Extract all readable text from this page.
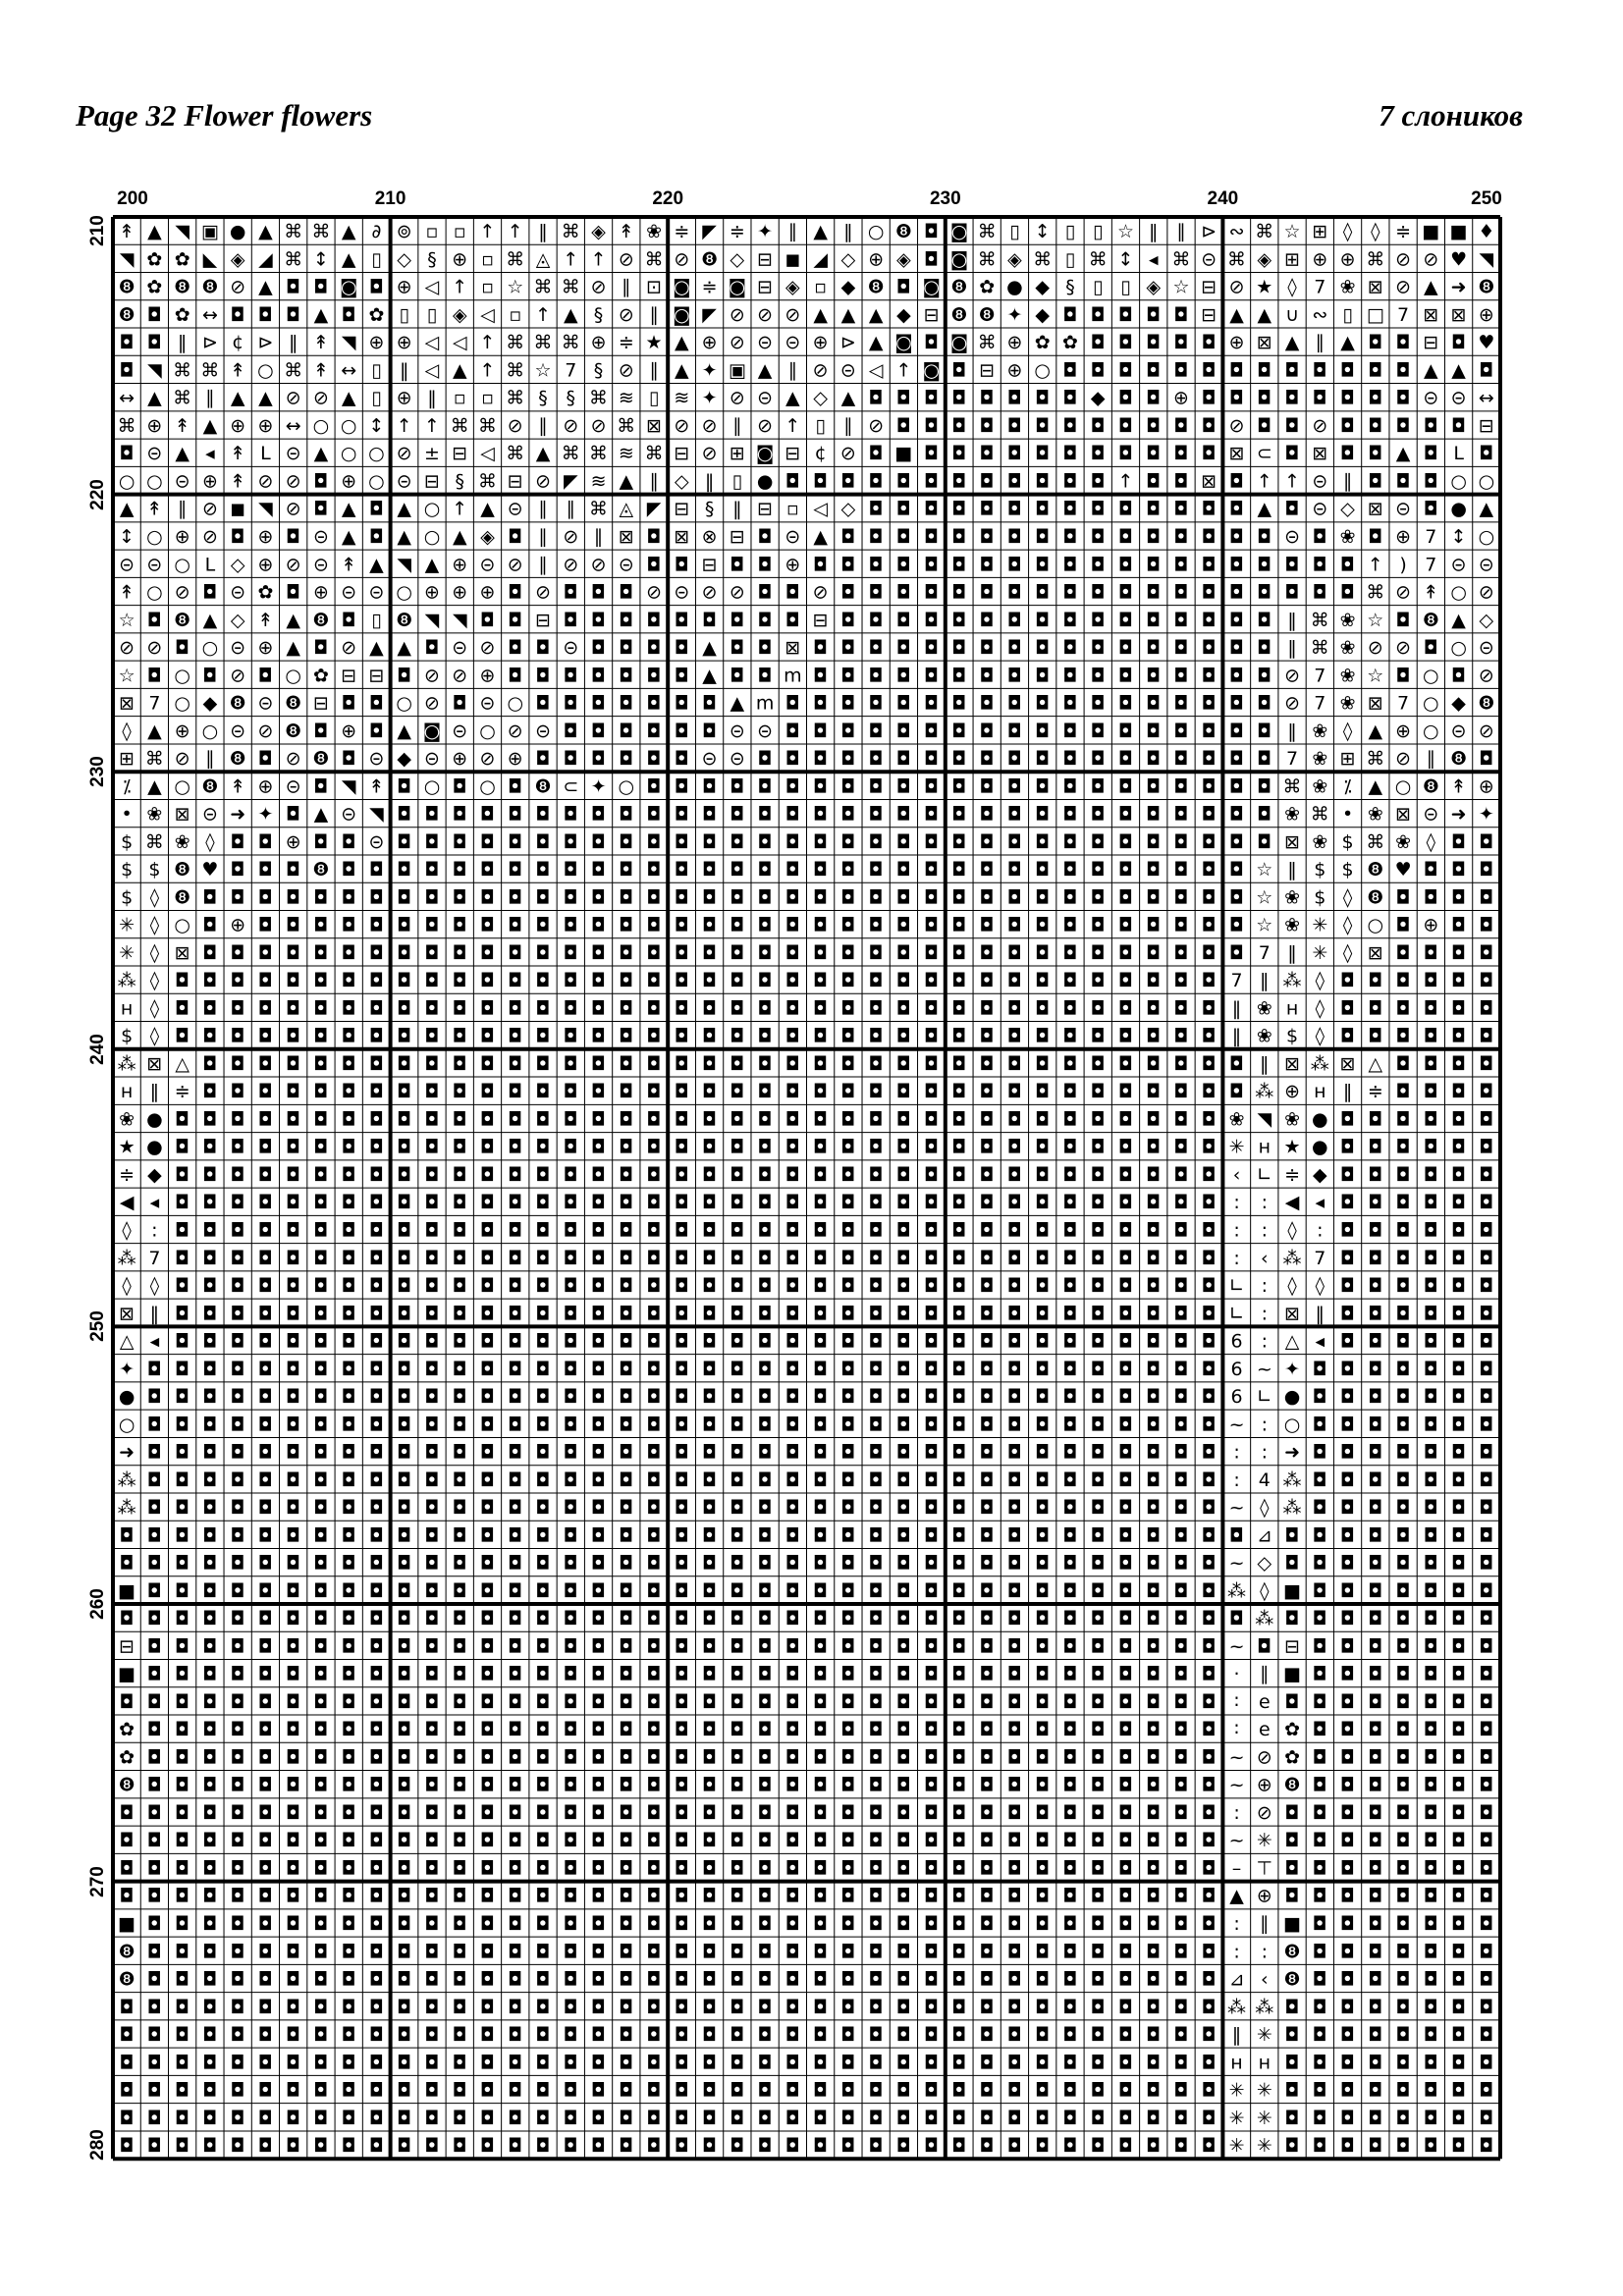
Page 32 Flower flowers	7 слоников
200	210	220	230	240	250
210
220
230
240
250
260
270
280
↟ ▲ ◥ ▣ ● ▲ ⌘ ⌘ ▲ ∂ ⊚ ▫ ▫ ↑ ↑ ‖ ⌘ ◈ ↟ ❀ ≑ ◤ ≑ ✦ ∥ ▲ ‖ ○ ❽ ◘ ◙ ⌘ ▯ ↕ ▯ ▯ ☆ ‖ ∥ ⊳ ∾ ⌘ ☆ ⊞ ◊ ◊ ≑ ■ ■ ♦
◥ ✿ ✿ ◣ ◈ ◢ ⌘ ↕ ▲ ▯ ◇ § ⊕ ▫ ⌘ ◬ ↑ ↑ ⊘ ⌘ ⊘ ❽ ◇ ⊟ ◼ ◢ ◇ ⊕ ◈ ◘ ◙ ⌘ ◈ ⌘ ▯ ⌘ ↕ ◂ ⌘ ⊝ ⌘ ◈ ⊞ ⊕ ⊕ ⌘ ⊘ ⊘ ♥ ◥
❽ ✿ ❽ ❽ ⊘ ▲ ◘ ◘ ◙ ◘ ⊕ ◁ ↑ ▫ ☆ ⌘ ⌘ ⊘ ∥ ⊡ ◙ ≑ ◙ ⊟ ◈ ▫ ◆ ❽ ◘ ◙ ❽ ✿ ● ◆ § ▯ ▯ ◈ ☆ ⊟ ⊘ ★ ◊ 7 ❀ ⊠ ⊘ ▲ ➜ ❽
❽ ◘ ✿ ↔ ◘ ◘ ◘ ▲ ◘ ✿ ▯ ▯ ◈ ◁ ▫ ↑ ▲ § ⊘ ∥ ◙ ◤ ⊘ ⊘ ⊘ ▲ ▲ ▲ ◆ ⊟ ❽ ❽ ✦ ◆ ◘ ◘ ◘ ◘ ◘ ⊟ ▲ ▲ ∪ ∾ ▯ □ 7 ⊠ ⊠ ⊕
◘ ◘ ‖ ⊳ ¢ ⊳ ‖ ↟ ◥ ⊕ ⊕ ◁ ◁ ↑ ⌘ ⌘ ⌘ ⊕ ≑ ★ ▲ ⊕ ⊘ ⊝ ⊝ ⊕ ⊳ ▲ ◙ ◘ ◙ ⌘ ⊕ ✿ ✿ ◘ ◘ ◘ ◘ ◘ ⊕ ⊠ ▲ ∥ ▲ ◘ ◘ ⊟ ◘ ♥
◘ ◥ ⌘ ⌘ ↟ ○ ⌘ ↟ ↔ ▯ ‖ ◁ ▲ ↑ ⌘ ☆ 7 § ⊘ ∥ ▲ ✦ ▣ ▲ ∥ ⊘ ⊝ ◁ ↑ ◙ ◘ ⊟ ⊕ ○ ◘ ◘ ◘ ◘ ◘ ◘ ◘ ◘ ◘ ◘ ◘ ◘ ◘ ▲ ▲ ◘
↔ ▲ ⌘ ∥ ▲ ▲ ⊘ ⊘ ▲ ▯ ⊕ ‖ ▫ ▫ ⌘ § § ⌘ ≋ ▯ ≋ ✦ ⊘ ⊝ ▲ ◇ ▲ ◘ ◘ ◘ ◘ ◘ ◘ ◘ ◘ ◆ ◘ ◘ ⊕ ◘ ◘ ◘ ◘ ◘ ◘ ◘ ◘ ⊝ ⊝ ↔
⌘ ⊕ ↟ ▲ ⊕ ⊕ ↔ ○ ○ ↕ ↑ ↑ ⌘ ⌘ ⊘ ∥ ⊘ ⊘ ⌘ ⊠ ⊘ ⊘ ∥ ⊘ ↑ ▯ ∥ ⊘ ◘ ◘ ◘ ◘ ◘ ◘ ◘ ◘ ◘ ◘ ◘ ◘ ⊘ ◘ ◘ ⊘ ◘ ◘ ◘ ◘ ◘ ⊟
◘ ⊝ ▲ ◂ ↟ L ⊝ ▲ ○ ○ ⊘ ± ⊟ ◁ ⌘ ▲ ⌘ ⌘ ≋ ⌘ ⊟ ⊘ ⊞ ◙ ⊟ ¢ ⊘ ◘ ■ ◘ ◘ ◘ ◘ ◘ ◘ ◘ ◘ ◘ ◘ ◘ ⊠ ⊂ ◘ ⊠ ◘ ◘ ▲ ◘ L ◘
○ ○ ⊝ ⊕ ↟ ⊘ ⊘ ◘ ⊕ ○ ⊝ ⊟ § ⌘ ⊟ ⊘ ◤ ≋ ▲ ∥ ◇ ‖ ▯ ● ◘ ◘ ◘ ◘ ◘ ◘ ◘ ◘ ◘ ◘ ◘ ◘ ↑ ◘ ◘ ⊠ ◘ ↑ ↑ ⊝ ∥ ◘ ◘ ◘ ○ ○
▲ ↟ ∥ ⊘ ◼ ◥ ⊘ ◘ ▲ ◘ ▲ ○ ↑ ▲ ⊝ ∥ ∥ ⌘ ◬ ◤ ⊟ § ‖ ⊟ ▫ ◁ ◇ ◘ ◘ ◘ ◘ ◘ ◘ ◘ ◘ ◘ ◘ ◘ ◘ ◘ ◘ ▲ ◘ ⊝ ◇ ⊠ ⊝ ◘ ● ▲
↕ ○ ⊕ ⊘ ◘ ⊕ ◘ ⊝ ▲ ◘ ▲ ○ ▲ ◈ ◘ ∥ ⊘ ∥ ⊠ ◘ ⊠ ⊗ ⊟ ◘ ⊝ ▲ ◘ ◘ ◘ ◘ ◘ ◘ ◘ ◘ ◘ ◘ ◘ ◘ ◘ ◘ ◘ ◘ ⊝ ◘ ❀ ◘ ⊕ 7 ↕ ○
⊝ ⊝ ○ L ◇ ⊕ ⊘ ⊝ ↟ ▲ ◥ ▲ ⊕ ⊝ ⊘ ∥ ⊘ ⊘ ⊝ ◘ ◘ ⊟ ◘ ◘ ⊕ ◘ ◘ ◘ ◘ ◘ ◘ ◘ ◘ ◘ ◘ ◘ ◘ ◘ ◘ ◘ ◘ ◘ ◘ ◘ ◘ ↑ ) 7 ⊝ ⊝
↟ ○ ⊘ ◘ ⊝ ✿ ◘ ⊕ ⊝ ⊝ ○ ⊕ ⊕ ⊕ ◘ ⊘ ◘ ◘ ◘ ⊘ ⊝ ⊘ ⊘ ◘ ◘ ⊘ ◘ ◘ ◘ ◘ ◘ ◘ ◘ ◘ ◘ ◘ ◘ ◘ ◘ ◘ ◘ ◘ ◘ ◘ ◘ ⌘ ⊘ ↟ ○ ⊘
☆ ◘ ❽ ▲ ◇ ↟ ▲ ❽ ◘ ▯ ❽ ◥ ◥ ◘ ◘ ⊟ ◘ ◘ ◘ ◘ ◘ ◘ ◘ ◘ ◘ ⊟ ◘ ◘ ◘ ◘ ◘ ◘ ◘ ◘ ◘ ◘ ◘ ◘ ◘ ◘ ◘ ◘ ‖ ⌘ ❀ ☆ ◘ ❽ ▲ ◇
⊘ ⊘ ◘ ○ ⊝ ⊕ ▲ ◘ ⊘ ▲ ▲ ◘ ⊝ ⊘ ◘ ◘ ⊝ ◘ ◘ ◘ ◘ ▲ ◘ ◘ ⊠ ◘ ◘ ◘ ◘ ◘ ◘ ◘ ◘ ◘ ◘ ◘ ◘ ◘ ◘ ◘ ◘ ◘ ‖ ⌘ ❀ ⊘ ⊘ ◘ ○ ⊝
☆ ◘ ○ ◘ ⊘ ◘ ○ ✿ ⊟ ⊟ ◘ ⊘ ⊘ ⊕ ◘ ◘ ◘ ◘ ◘ ◘ ◘ ▲ ◘ ◘ m ◘ ◘ ◘ ◘ ◘ ◘ ◘ ◘ ◘ ◘ ◘ ◘ ◘ ◘ ◘ ◘ ◘ ⊘ 7 ❀ ☆ ◘ ○ ◘ ⊘
⊠ 7 ○ ◆ ❽ ⊝ ❽ ⊟ ◘ ◘ ○ ⊘ ◘ ⊝ ○ ◘ ◘ ◘ ◘ ◘ ◘ ◘ ▲ m ◘ ◘ ◘ ◘ ◘ ◘ ◘ ◘ ◘ ◘ ◘ ◘ ◘ ◘ ◘ ◘ ◘ ◘ ⊘ 7 ❀ ⊠ 7 ○ ◆ ❽
◊ ▲ ⊕ ○ ⊝ ⊘ ❽ ◘ ⊕ ◘ ▲ ◙ ⊝ ○ ⊘ ⊝ ◘ ◘ ◘ ◘ ◘ ◘ ⊝ ⊝ ◘ ◘ ◘ ◘ ◘ ◘ ◘ ◘ ◘ ◘ ◘ ◘ ◘ ◘ ◘ ◘ ◘ ◘ ‖ ❀ ◊ ▲ ⊕ ○ ⊝ ⊘
⊞ ⌘ ⊘ ∥ ❽ ◘ ⊘ ❽ ◘ ⊝ ◆ ⊝ ⊕ ⊘ ⊕ ◘ ◘ ◘ ◘ ◘ ◘ ⊝ ⊝ ◘ ◘ ◘ ◘ ◘ ◘ ◘ ◘ ◘ ◘ ◘ ◘ ◘ ◘ ◘ ◘ ◘ ◘ ◘ 7 ❀ ⊞ ⌘ ⊘ ∥ ❽ ◘
⁒ ▲ ○ ❽ ↟ ⊕ ⊝ ◘ ◥ ↟ ◘ ○ ◘ ○ ◘ ❽ ⊂ ✦ ○ ◘ ◘ ◘ ◘ ◘ ◘ ◘ ◘ ◘ ◘ ◘ ◘ ◘ ◘ ◘ ◘ ◘ ◘ ◘ ◘ ◘ ◘ ◘ ⌘ ❀ ⁒ ▲ ○ ❽ ↟ ⊕
• ❀ ⊠ ⊝ ➜ ✦ ◘ ▲ ⊝ ◥ ◘ ◘ ◘ ◘ ◘ ◘ ◘ ◘ ◘ ◘ ◘ ◘ ◘ ◘ ◘ ◘ ◘ ◘ ◘ ◘ ◘ ◘ ◘ ◘ ◘ ◘ ◘ ◘ ◘ ◘ ◘ ◘ ❀ ⌘ • ❀ ⊠ ⊝ ➜ ✦
$ ⌘ ❀ ◊ ◘ ◘ ⊕ ◘ ◘ ⊝ ◘ ◘ ◘ ◘ ◘ ◘ ◘ ◘ ◘ ◘ ◘ ◘ ◘ ◘ ◘ ◘ ◘ ◘ ◘ ◘ ◘ ◘ ◘ ◘ ◘ ◘ ◘ ◘ ◘ ◘ ◘ ◘ ⊠ ❀ $ ⌘ ❀ ◊ ◘ ◘
$ $ ❽ ♥ ◘ ◘ ◘ ❽ ◘ ◘ ◘ ◘ ◘ ◘ ◘ ◘ ◘ ◘ ◘ ◘ ◘ ◘ ◘ ◘ ◘ ◘ ◘ ◘ ◘ ◘ ◘ ◘ ◘ ◘ ◘ ◘ ◘ ◘ ◘ ◘ ◘ ☆ ‖ $ $ ❽ ♥ ◘ ◘ ◘
$ ◊ ❽ ◘ ◘ ◘ ◘ ◘ ◘ ◘ ◘ ◘ ◘ ◘ ◘ ◘ ◘ ◘ ◘ ◘ ◘ ◘ ◘ ◘ ◘ ◘ ◘ ◘ ◘ ◘ ◘ ◘ ◘ ◘ ◘ ◘ ◘ ◘ ◘ ◘ ◘ ☆ ❀ $ ◊ ❽ ◘ ◘ ◘ ◘
✳ ◊ ○ ◘ ⊕ ◘ ◘ ◘ ◘ ◘ ◘ ◘ ◘ ◘ ◘ ◘ ◘ ◘ ◘ ◘ ◘ ◘ ◘ ◘ ◘ ◘ ◘ ◘ ◘ ◘ ◘ ◘ ◘ ◘ ◘ ◘ ◘ ◘ ◘ ◘ ◘ ☆ ❀ ✳ ◊ ○ ◘ ⊕ ◘ ◘
✳ ◊ ⊠ ◘ ◘ ◘ ◘ ◘ ◘ ◘ ◘ ◘ ◘ ◘ ◘ ◘ ◘ ◘ ◘ ◘ ◘ ◘ ◘ ◘ ◘ ◘ ◘ ◘ ◘ ◘ ◘ ◘ ◘ ◘ ◘ ◘ ◘ ◘ ◘ ◘ ◘ 7 ‖ ✳ ◊ ⊠ ◘ ◘ ◘ ◘
⁂ ◊ ◘ ◘ ◘ ◘ ◘ ◘ ◘ ◘ ◘ ◘ ◘ ◘ ◘ ◘ ◘ ◘ ◘ ◘ ◘ ◘ ◘ ◘ ◘ ◘ ◘ ◘ ◘ ◘ ◘ ◘ ◘ ◘ ◘ ◘ ◘ ◘ ◘ ◘ 7 ‖ ⁂ ◊ ◘ ◘ ◘ ◘ ◘ ◘
н ◊ ◘ ◘ ◘ ◘ ◘ ◘ ◘ ◘ ◘ ◘ ◘ ◘ ◘ ◘ ◘ ◘ ◘ ◘ ◘ ◘ ◘ ◘ ◘ ◘ ◘ ◘ ◘ ◘ ◘ ◘ ◘ ◘ ◘ ◘ ◘ ◘ ◘ ◘ ‖ ❀ н ◊ ◘ ◘ ◘ ◘ ◘ ◘
$ ◊ ◘ ◘ ◘ ◘ ◘ ◘ ◘ ◘ ◘ ◘ ◘ ◘ ◘ ◘ ◘ ◘ ◘ ◘ ◘ ◘ ◘ ◘ ◘ ◘ ◘ ◘ ◘ ◘ ◘ ◘ ◘ ◘ ◘ ◘ ◘ ◘ ◘ ◘ ‖ ❀ $ ◊ ◘ ◘ ◘ ◘ ◘ ◘
⁂ ⊠ △ ◘ ◘ ◘ ◘ ◘ ◘ ◘ ◘ ◘ ◘ ◘ ◘ ◘ ◘ ◘ ◘ ◘ ◘ ◘ ◘ ◘ ◘ ◘ ◘ ◘ ◘ ◘ ◘ ◘ ◘ ◘ ◘ ◘ ◘ ◘ ◘ ◘ ◘ ‖ ⊠ ⁂ ⊠ △ ◘ ◘ ◘ ◘
н ‖ ≑ ◘ ◘ ◘ ◘ ◘ ◘ ◘ ◘ ◘ ◘ ◘ ◘ ◘ ◘ ◘ ◘ ◘ ◘ ◘ ◘ ◘ ◘ ◘ ◘ ◘ ◘ ◘ ◘ ◘ ◘ ◘ ◘ ◘ ◘ ◘ ◘ ◘ ◘ ⁂ ⊕ н ‖ ≑ ◘ ◘ ◘ ◘
❀ ● ◘ ◘ ◘ ◘ ◘ ◘ ◘ ◘ ◘ ◘ ◘ ◘ ◘ ◘ ◘ ◘ ◘ ◘ ◘ ◘ ◘ ◘ ◘ ◘ ◘ ◘ ◘ ◘ ◘ ◘ ◘ ◘ ◘ ◘ ◘ ◘ ◘ ◘ ❀ ◥ ❀ ● ◘ ◘ ◘ ◘ ◘ ◘
★ ● ◘ ◘ ◘ ◘ ◘ ◘ ◘ ◘ ◘ ◘ ◘ ◘ ◘ ◘ ◘ ◘ ◘ ◘ ◘ ◘ ◘ ◘ ◘ ◘ ◘ ◘ ◘ ◘ ◘ ◘ ◘ ◘ ◘ ◘ ◘ ◘ ◘ ◘ ✳ н ★ ● ◘ ◘ ◘ ◘ ◘ ◘
≑ ◆ ◘ ◘ ◘ ◘ ◘ ◘ ◘ ◘ ◘ ◘ ◘ ◘ ◘ ◘ ◘ ◘ ◘ ◘ ◘ ◘ ◘ ◘ ◘ ◘ ◘ ◘ ◘ ◘ ◘ ◘ ◘ ◘ ◘ ◘ ◘ ◘ ◘ ◘ ‹ ∟ ≑ ◆ ◘ ◘ ◘ ◘ ◘ ◘
◀ ◂ ◘ ◘ ◘ ◘ ◘ ◘ ◘ ◘ ◘ ◘ ◘ ◘ ◘ ◘ ◘ ◘ ◘ ◘ ◘ ◘ ◘ ◘ ◘ ◘ ◘ ◘ ◘ ◘ ◘ ◘ ◘ ◘ ◘ ◘ ◘ ◘ ◘ ◘ : : ◀ ◂ ◘ ◘ ◘ ◘ ◘ ◘
◊ : ◘ ◘ ◘ ◘ ◘ ◘ ◘ ◘ ◘ ◘ ◘ ◘ ◘ ◘ ◘ ◘ ◘ ◘ ◘ ◘ ◘ ◘ ◘ ◘ ◘ ◘ ◘ ◘ ◘ ◘ ◘ ◘ ◘ ◘ ◘ ◘ ◘ ◘ : : ◊ : ◘ ◘ ◘ ◘ ◘ ◘
⁂ 7 ◘ ◘ ◘ ◘ ◘ ◘ ◘ ◘ ◘ ◘ ◘ ◘ ◘ ◘ ◘ ◘ ◘ ◘ ◘ ◘ ◘ ◘ ◘ ◘ ◘ ◘ ◘ ◘ ◘ ◘ ◘ ◘ ◘ ◘ ◘ ◘ ◘ ◘ : ‹ ⁂ 7 ◘ ◘ ◘ ◘ ◘ ◘
◊ ◊ ◘ ◘ ◘ ◘ ◘ ◘ ◘ ◘ ◘ ◘ ◘ ◘ ◘ ◘ ◘ ◘ ◘ ◘ ◘ ◘ ◘ ◘ ◘ ◘ ◘ ◘ ◘ ◘ ◘ ◘ ◘ ◘ ◘ ◘ ◘ ◘ ◘ ◘ ∟ : ◊ ◊ ◘ ◘ ◘ ◘ ◘ ◘
⊠ ‖ ◘ ◘ ◘ ◘ ◘ ◘ ◘ ◘ ◘ ◘ ◘ ◘ ◘ ◘ ◘ ◘ ◘ ◘ ◘ ◘ ◘ ◘ ◘ ◘ ◘ ◘ ◘ ◘ ◘ ◘ ◘ ◘ ◘ ◘ ◘ ◘ ◘ ◘ ∟ : ⊠ ‖ ◘ ◘ ◘ ◘ ◘ ◘
△ ◂ ◘ ◘ ◘ ◘ ◘ ◘ ◘ ◘ ◘ ◘ ◘ ◘ ◘ ◘ ◘ ◘ ◘ ◘ ◘ ◘ ◘ ◘ ◘ ◘ ◘ ◘ ◘ ◘ ◘ ◘ ◘ ◘ ◘ ◘ ◘ ◘ ◘ ◘ 6 : △ ◂ ◘ ◘ ◘ ◘ ◘ ◘
✦ ◘ ◘ ◘ ◘ ◘ ◘ ◘ ◘ ◘ ◘ ◘ ◘ ◘ ◘ ◘ ◘ ◘ ◘ ◘ ◘ ◘ ◘ ◘ ◘ ◘ ◘ ◘ ◘ ◘ ◘ ◘ ◘ ◘ ◘ ◘ ◘ ◘ ◘ ◘ 6 ~ ✦ ◘ ◘ ◘ ◘ ◘ ◘ ◘
● ◘ ◘ ◘ ◘ ◘ ◘ ◘ ◘ ◘ ◘ ◘ ◘ ◘ ◘ ◘ ◘ ◘ ◘ ◘ ◘ ◘ ◘ ◘ ◘ ◘ ◘ ◘ ◘ ◘ ◘ ◘ ◘ ◘ ◘ ◘ ◘ ◘ ◘ ◘ 6 ∟ ● ◘ ◘ ◘ ◘ ◘ ◘ ◘
○ ◘ ◘ ◘ ◘ ◘ ◘ ◘ ◘ ◘ ◘ ◘ ◘ ◘ ◘ ◘ ◘ ◘ ◘ ◘ ◘ ◘ ◘ ◘ ◘ ◘ ◘ ◘ ◘ ◘ ◘ ◘ ◘ ◘ ◘ ◘ ◘ ◘ ◘ ◘ ~ : ○ ◘ ◘ ◘ ◘ ◘ ◘ ◘
➜ ◘ ◘ ◘ ◘ ◘ ◘ ◘ ◘ ◘ ◘ ◘ ◘ ◘ ◘ ◘ ◘ ◘ ◘ ◘ ◘ ◘ ◘ ◘ ◘ ◘ ◘ ◘ ◘ ◘ ◘ ◘ ◘ ◘ ◘ ◘ ◘ ◘ ◘ ◘ : : ➜ ◘ ◘ ◘ ◘ ◘ ◘ ◘
⁂ ◘ ◘ ◘ ◘ ◘ ◘ ◘ ◘ ◘ ◘ ◘ ◘ ◘ ◘ ◘ ◘ ◘ ◘ ◘ ◘ ◘ ◘ ◘ ◘ ◘ ◘ ◘ ◘ ◘ ◘ ◘ ◘ ◘ ◘ ◘ ◘ ◘ ◘ ◘ : 4 ⁂ ◘ ◘ ◘ ◘ ◘ ◘ ◘
⁂ ◘ ◘ ◘ ◘ ◘ ◘ ◘ ◘ ◘ ◘ ◘ ◘ ◘ ◘ ◘ ◘ ◘ ◘ ◘ ◘ ◘ ◘ ◘ ◘ ◘ ◘ ◘ ◘ ◘ ◘ ◘ ◘ ◘ ◘ ◘ ◘ ◘ ◘ ◘ ~ ◊ ⁂ ◘ ◘ ◘ ◘ ◘ ◘ ◘
◘ ◘ ◘ ◘ ◘ ◘ ◘ ◘ ◘ ◘ ◘ ◘ ◘ ◘ ◘ ◘ ◘ ◘ ◘ ◘ ◘ ◘ ◘ ◘ ◘ ◘ ◘ ◘ ◘ ◘ ◘ ◘ ◘ ◘ ◘ ◘ ◘ ◘ ◘ ◘ ◘ ⊿ ◘ ◘ ◘ ◘ ◘ ◘ ◘ ◘
◘ ◘ ◘ ◘ ◘ ◘ ◘ ◘ ◘ ◘ ◘ ◘ ◘ ◘ ◘ ◘ ◘ ◘ ◘ ◘ ◘ ◘ ◘ ◘ ◘ ◘ ◘ ◘ ◘ ◘ ◘ ◘ ◘ ◘ ◘ ◘ ◘ ◘ ◘ ◘ ~ ◇ ◘ ◘ ◘ ◘ ◘ ◘ ◘ ◘
■ ◘ ◘ ◘ ◘ ◘ ◘ ◘ ◘ ◘ ◘ ◘ ◘ ◘ ◘ ◘ ◘ ◘ ◘ ◘ ◘ ◘ ◘ ◘ ◘ ◘ ◘ ◘ ◘ ◘ ◘ ◘ ◘ ◘ ◘ ◘ ◘ ◘ ◘ ◘ ⁂ ◊ ■ ◘ ◘ ◘ ◘ ◘ ◘ ◘
◘ ◘ ◘ ◘ ◘ ◘ ◘ ◘ ◘ ◘ ◘ ◘ ◘ ◘ ◘ ◘ ◘ ◘ ◘ ◘ ◘ ◘ ◘ ◘ ◘ ◘ ◘ ◘ ◘ ◘ ◘ ◘ ◘ ◘ ◘ ◘ ◘ ◘ ◘ ◘ ◘ ⁂ ◘ ◘ ◘ ◘ ◘ ◘ ◘ ◘
⊟ ◘ ◘ ◘ ◘ ◘ ◘ ◘ ◘ ◘ ◘ ◘ ◘ ◘ ◘ ◘ ◘ ◘ ◘ ◘ ◘ ◘ ◘ ◘ ◘ ◘ ◘ ◘ ◘ ◘ ◘ ◘ ◘ ◘ ◘ ◘ ◘ ◘ ◘ ◘ ~ ◘ ⊟ ◘ ◘ ◘ ◘ ◘ ◘ ◘
■ ◘ ◘ ◘ ◘ ◘ ◘ ◘ ◘ ◘ ◘ ◘ ◘ ◘ ◘ ◘ ◘ ◘ ◘ ◘ ◘ ◘ ◘ ◘ ◘ ◘ ◘ ◘ ◘ ◘ ◘ ◘ ◘ ◘ ◘ ◘ ◘ ◘ ◘ ◘ · ∥ ■ ◘ ◘ ◘ ◘ ◘ ◘ ◘
◘ ◘ ◘ ◘ ◘ ◘ ◘ ◘ ◘ ◘ ◘ ◘ ◘ ◘ ◘ ◘ ◘ ◘ ◘ ◘ ◘ ◘ ◘ ◘ ◘ ◘ ◘ ◘ ◘ ◘ ◘ ◘ ◘ ◘ ◘ ◘ ◘ ◘ ◘ ◘ ∶ e ◘ ◘ ◘ ◘ ◘ ◘ ◘ ◘
✿ ◘ ◘ ◘ ◘ ◘ ◘ ◘ ◘ ◘ ◘ ◘ ◘ ◘ ◘ ◘ ◘ ◘ ◘ ◘ ◘ ◘ ◘ ◘ ◘ ◘ ◘ ◘ ◘ ◘ ◘ ◘ ◘ ◘ ◘ ◘ ◘ ◘ ◘ ◘ ∶ e ✿ ◘ ◘ ◘ ◘ ◘ ◘ ◘
✿ ◘ ◘ ◘ ◘ ◘ ◘ ◘ ◘ ◘ ◘ ◘ ◘ ◘ ◘ ◘ ◘ ◘ ◘ ◘ ◘ ◘ ◘ ◘ ◘ ◘ ◘ ◘ ◘ ◘ ◘ ◘ ◘ ◘ ◘ ◘ ◘ ◘ ◘ ◘ ~ ⊘ ✿ ◘ ◘ ◘ ◘ ◘ ◘ ◘
❽ ◘ ◘ ◘ ◘ ◘ ◘ ◘ ◘ ◘ ◘ ◘ ◘ ◘ ◘ ◘ ◘ ◘ ◘ ◘ ◘ ◘ ◘ ◘ ◘ ◘ ◘ ◘ ◘ ◘ ◘ ◘ ◘ ◘ ◘ ◘ ◘ ◘ ◘ ◘ ~ ⊕ ❽ ◘ ◘ ◘ ◘ ◘ ◘ ◘
◘ ◘ ◘ ◘ ◘ ◘ ◘ ◘ ◘ ◘ ◘ ◘ ◘ ◘ ◘ ◘ ◘ ◘ ◘ ◘ ◘ ◘ ◘ ◘ ◘ ◘ ◘ ◘ ◘ ◘ ◘ ◘ ◘ ◘ ◘ ◘ ◘ ◘ ◘ ◘ : ⊘ ◘ ◘ ◘ ◘ ◘ ◘ ◘ ◘
◘ ◘ ◘ ◘ ◘ ◘ ◘ ◘ ◘ ◘ ◘ ◘ ◘ ◘ ◘ ◘ ◘ ◘ ◘ ◘ ◘ ◘ ◘ ◘ ◘ ◘ ◘ ◘ ◘ ◘ ◘ ◘ ◘ ◘ ◘ ◘ ◘ ◘ ◘ ◘ ~ ✳ ◘ ◘ ◘ ◘ ◘ ◘ ◘ ◘
◘ ◘ ◘ ◘ ◘ ◘ ◘ ◘ ◘ ◘ ◘ ◘ ◘ ◘ ◘ ◘ ◘ ◘ ◘ ◘ ◘ ◘ ◘ ◘ ◘ ◘ ◘ ◘ ◘ ◘ ◘ ◘ ◘ ◘ ◘ ◘ ◘ ◘ ◘ ◘ – ⊤ ◘ ◘ ◘ ◘ ◘ ◘ ◘ ◘
◘ ◘ ◘ ◘ ◘ ◘ ◘ ◘ ◘ ◘ ◘ ◘ ◘ ◘ ◘ ◘ ◘ ◘ ◘ ◘ ◘ ◘ ◘ ◘ ◘ ◘ ◘ ◘ ◘ ◘ ◘ ◘ ◘ ◘ ◘ ◘ ◘ ◘ ◘ ◘ ▲ ⊕ ◘ ◘ ◘ ◘ ◘ ◘ ◘ ◘
■ ◘ ◘ ◘ ◘ ◘ ◘ ◘ ◘ ◘ ◘ ◘ ◘ ◘ ◘ ◘ ◘ ◘ ◘ ◘ ◘ ◘ ◘ ◘ ◘ ◘ ◘ ◘ ◘ ◘ ◘ ◘ ◘ ◘ ◘ ◘ ◘ ◘ ◘ ◘ : ∥ ■ ◘ ◘ ◘ ◘ ◘ ◘ ◘
❽ ◘ ◘ ◘ ◘ ◘ ◘ ◘ ◘ ◘ ◘ ◘ ◘ ◘ ◘ ◘ ◘ ◘ ◘ ◘ ◘ ◘ ◘ ◘ ◘ ◘ ◘ ◘ ◘ ◘ ◘ ◘ ◘ ◘ ◘ ◘ ◘ ◘ ◘ ◘ : : ❽ ◘ ◘ ◘ ◘ ◘ ◘ ◘
❽ ◘ ◘ ◘ ◘ ◘ ◘ ◘ ◘ ◘ ◘ ◘ ◘ ◘ ◘ ◘ ◘ ◘ ◘ ◘ ◘ ◘ ◘ ◘ ◘ ◘ ◘ ◘ ◘ ◘ ◘ ◘ ◘ ◘ ◘ ◘ ◘ ◘ ◘ ◘ ⊿ ‹ ❽ ◘ ◘ ◘ ◘ ◘ ◘ ◘
◘ ◘ ◘ ◘ ◘ ◘ ◘ ◘ ◘ ◘ ◘ ◘ ◘ ◘ ◘ ◘ ◘ ◘ ◘ ◘ ◘ ◘ ◘ ◘ ◘ ◘ ◘ ◘ ◘ ◘ ◘ ◘ ◘ ◘ ◘ ◘ ◘ ◘ ◘ ◘ ⁂ ⁂ ◘ ◘ ◘ ◘ ◘ ◘ ◘ ◘
◘ ◘ ◘ ◘ ◘ ◘ ◘ ◘ ◘ ◘ ◘ ◘ ◘ ◘ ◘ ◘ ◘ ◘ ◘ ◘ ◘ ◘ ◘ ◘ ◘ ◘ ◘ ◘ ◘ ◘ ◘ ◘ ◘ ◘ ◘ ◘ ◘ ◘ ◘ ◘ ‖ ✳ ◘ ◘ ◘ ◘ ◘ ◘ ◘ ◘
◘ ◘ ◘ ◘ ◘ ◘ ◘ ◘ ◘ ◘ ◘ ◘ ◘ ◘ ◘ ◘ ◘ ◘ ◘ ◘ ◘ ◘ ◘ ◘ ◘ ◘ ◘ ◘ ◘ ◘ ◘ ◘ ◘ ◘ ◘ ◘ ◘ ◘ ◘ ◘ н н ◘ ◘ ◘ ◘ ◘ ◘ ◘ ◘
◘ ◘ ◘ ◘ ◘ ◘ ◘ ◘ ◘ ◘ ◘ ◘ ◘ ◘ ◘ ◘ ◘ ◘ ◘ ◘ ◘ ◘ ◘ ◘ ◘ ◘ ◘ ◘ ◘ ◘ ◘ ◘ ◘ ◘ ◘ ◘ ◘ ◘ ◘ ◘ ✳ ✳ ◘ ◘ ◘ ◘ ◘ ◘ ◘ ◘
◘ ◘ ◘ ◘ ◘ ◘ ◘ ◘ ◘ ◘ ◘ ◘ ◘ ◘ ◘ ◘ ◘ ◘ ◘ ◘ ◘ ◘ ◘ ◘ ◘ ◘ ◘ ◘ ◘ ◘ ◘ ◘ ◘ ◘ ◘ ◘ ◘ ◘ ◘ ◘ ✳ ✳ ◘ ◘ ◘ ◘ ◘ ◘ ◘ ◘
◘ ◘ ◘ ◘ ◘ ◘ ◘ ◘ ◘ ◘ ◘ ◘ ◘ ◘ ◘ ◘ ◘ ◘ ◘ ◘ ◘ ◘ ◘ ◘ ◘ ◘ ◘ ◘ ◘ ◘ ◘ ◘ ◘ ◘ ◘ ◘ ◘ ◘ ◘ ◘ ✳ ✳ ◘ ◘ ◘ ◘ ◘ ◘ ◘ ◘
